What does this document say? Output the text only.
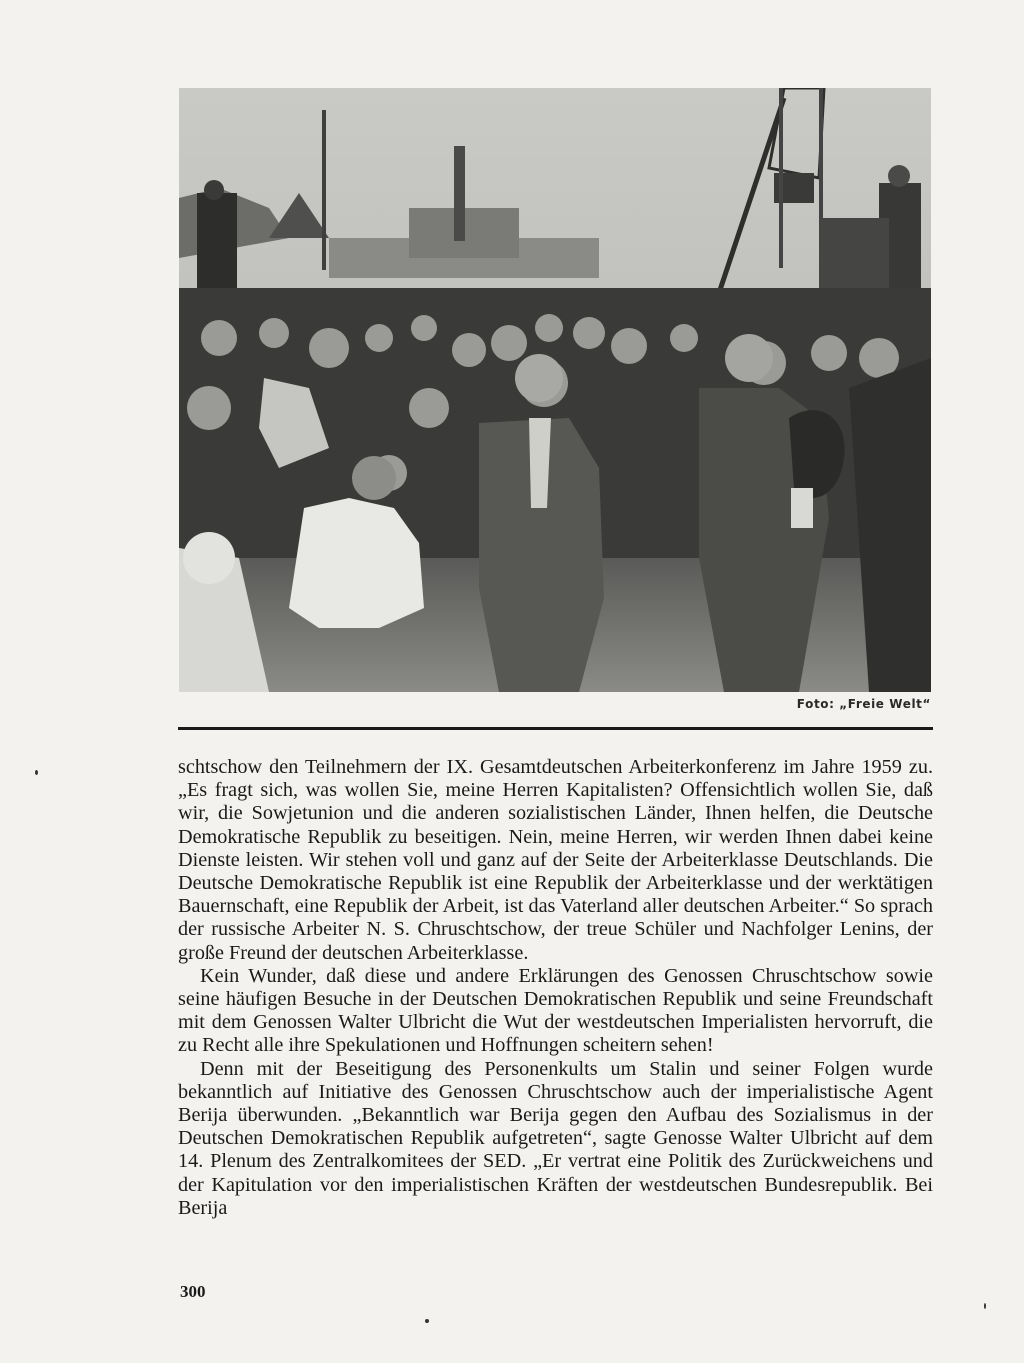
Foto: „Freie Welt“

schtschow den Teilnehmern der IX. Gesamtdeutschen Arbeiterkonferenz im Jahre 1959 zu. „Es fragt sich, was wollen Sie, meine Herren Kapitalisten? Offensichtlich wollen Sie, daß wir, die Sowjetunion und die anderen sozialistischen Länder, Ihnen helfen, die Deutsche Demokratische Republik zu beseitigen. Nein, meine Herren, wir werden Ihnen dabei keine Dienste leisten. Wir stehen voll und ganz auf der Seite der Arbeiterklasse Deutschlands. Die Deutsche Demokratische Republik ist eine Republik der Arbeiterklasse und der werktätigen Bauernschaft, eine Republik der Arbeit, ist das Vaterland aller deutschen Arbeiter.“ So sprach der russische Arbeiter N. S. Chruschtschow, der treue Schüler und Nachfolger Lenins, der große Freund der deutschen Arbeiterklasse.

Kein Wunder, daß diese und andere Erklärungen des Genossen Chruschtschow sowie seine häufigen Besuche in der Deutschen Demokratischen Republik und seine Freundschaft mit dem Genossen Walter Ulbricht die Wut der westdeutschen Imperialisten hervorruft, die zu Recht alle ihre Spekulationen und Hoffnungen scheitern sehen!

Denn mit der Beseitigung des Personenkults um Stalin und seiner Folgen wurde bekanntlich auf Initiative des Genossen Chruschtschow auch der imperialistische Agent Berija überwunden. „Bekanntlich war Berija gegen den Aufbau des Sozialismus in der Deutschen Demokratischen Republik aufgetreten“, sagte Genosse Walter Ulbricht auf dem 14. Plenum des Zentralkomitees der SED. „Er vertrat eine Politik des Zurückweichens und der Kapitulation vor den imperialistischen Kräften der westdeutschen Bundesrepublik. Bei Berija

300
